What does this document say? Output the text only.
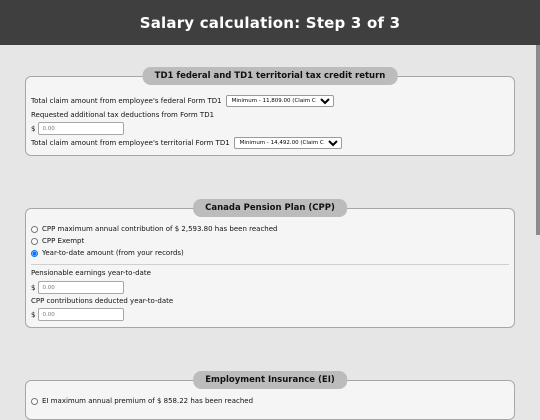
Salary calculation: Step 3 of 3
TD1 federal and TD1 territorial tax credit return
Total claim amount from employee's federal Form TD1
Minimum - 11,809.00 (Claim Code 1)
Requested additional tax deductions from Form TD1
$
0.00
Total claim amount from employee's territorial Form TD1
Minimum - 14,492.00 (Claim Code 1)
Canada Pension Plan (CPP)
CPP maximum annual contribution of $ 2,593.80 has been reached
CPP Exempt
Year-to-date amount (from your records)
Pensionable earnings year-to-date
$
0.00
CPP contributions deducted year-to-date
$
0.00
Employment Insurance (EI)
EI maximum annual premium of $ 858.22 has been reached
